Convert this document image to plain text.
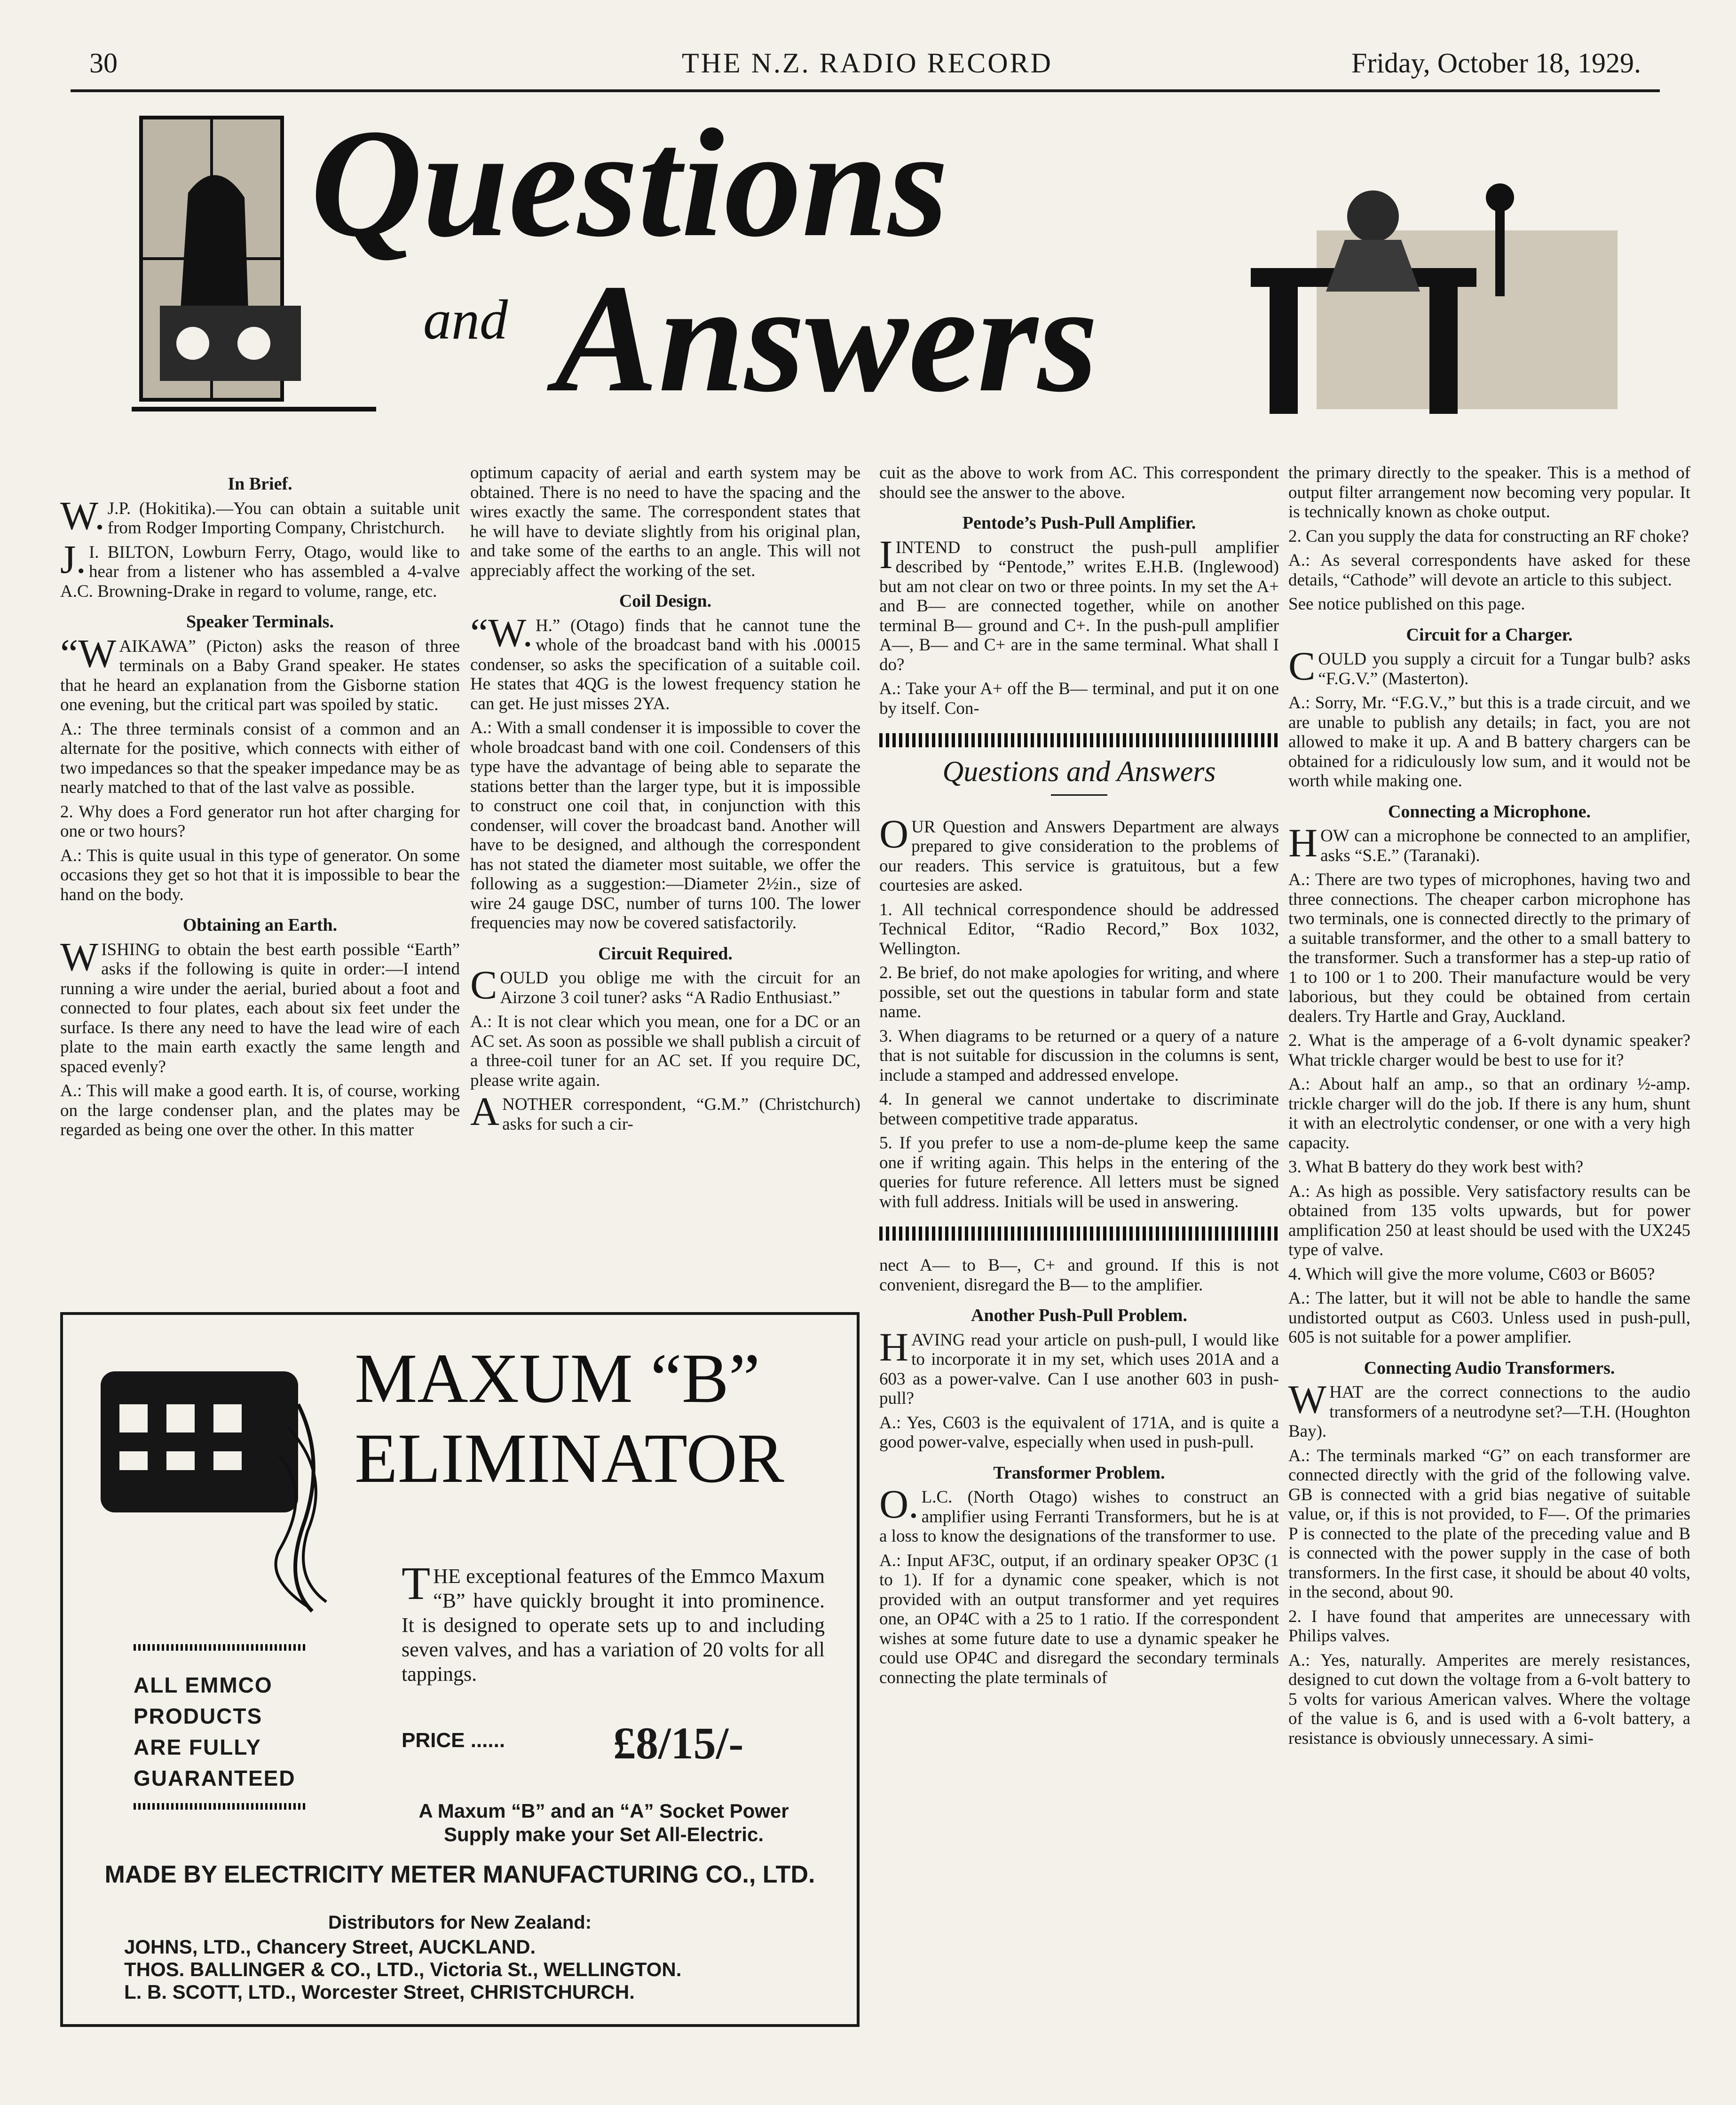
30	THE N.Z. RADIO RECORD	Friday, October 18, 1929.
Questions
and Answers
In Brief.

W.J.P. (Hokitika).—You can obtain a suitable unit from Rodger Importing Company, Christchurch.

J.I. BILTON, Lowburn Ferry, Otago, would like to hear from a listener who has assembled a 4-valve A.C. Browning-Drake in regard to volume, range, etc.

Speaker Terminals.

“WAIKAWA” (Picton) asks the reason of three terminals on a Baby Grand speaker. He states that he heard an explanation from the Gisborne station one evening, but the critical part was spoiled by static.

A.: The three terminals consist of a common and an alternate for the positive, which connects with either of two impedances so that the speaker impedance may be as nearly matched to that of the last valve as possible.

2. Why does a Ford generator run hot after charging for one or two hours?

A.: This is quite usual in this type of generator. On some occasions they get so hot that it is impossible to bear the hand on the body.

Obtaining an Earth.

WISHING to obtain the best earth possible “Earth” asks if the following is quite in order:—I intend running a wire under the aerial, buried about a foot and connected to four plates, each about six feet under the surface. Is there any need to have the lead wire of each plate to the main earth exactly the same length and spaced evenly?

A.: This will make a good earth. It is, of course, working on the large condenser plan, and the plates may be regarded as being one over the other. In this matter

optimum capacity of aerial and earth system may be obtained. There is no need to have the spacing and the wires exactly the same. The correspondent states that he will have to deviate slightly from his original plan, and take some of the earths to an angle. This will not appreciably affect the working of the set.

Coil Design.

“W.H.” (Otago) finds that he cannot tune the whole of the broadcast band with his .00015 condenser, so asks the specification of a suitable coil. He states that 4QG is the lowest frequency station he can get. He just misses 2YA.

A.: With a small condenser it is impossible to cover the whole broadcast band with one coil. Condensers of this type have the advantage of being able to separate the stations better than the larger type, but it is impossible to construct one coil that, in conjunction with this condenser, will cover the broadcast band. Another will have to be designed, and although the correspondent has not stated the diameter most suitable, we offer the following as a suggestion:—Diameter 2½in., size of wire 24 gauge DSC, number of turns 100. The lower frequencies may now be covered satisfactorily.

Circuit Required.

COULD you oblige me with the circuit for an Airzone 3 coil tuner? asks “A Radio Enthusiast.”

A.: It is not clear which you mean, one for a DC or an AC set. As soon as possible we shall publish a circuit of a three-coil tuner for an AC set. If you require DC, please write again.

ANOTHER correspondent, “G.M.” (Christchurch) asks for such a cir-

cuit as the above to work from AC. This correspondent should see the answer to the above.

Pentode’s Push-Pull Amplifier.

IINTEND to construct the push-pull amplifier described by “Pentode,” writes E.H.B. (Inglewood) but am not clear on two or three points. In my set the A+ and B— are connected together, while on another terminal B— ground and C+. In the push-pull amplifier A—, B— and C+ are in the same terminal. What shall I do?

A.: Take your A+ off the B— terminal, and put it on one by itself. Con-

Questions and Answers

OUR Question and Answers Department are always prepared to give consideration to the problems of our readers. This service is gratuitous, but a few courtesies are asked.

1. All technical correspondence should be addressed Technical Editor, “Radio Record,” Box 1032, Wellington.

2. Be brief, do not make apologies for writing, and where possible, set out the questions in tabular form and state name.

3. When diagrams to be returned or a query of a nature that is not suitable for discussion in the columns is sent, include a stamped and addressed envelope.

4. In general we cannot undertake to discriminate between competitive trade apparatus.

5. If you prefer to use a nom-de-plume keep the same one if writing again. This helps in the entering of the queries for future reference. All letters must be signed with full address. Initials will be used in answering.

nect A— to B—, C+ and ground. If this is not convenient, disregard the B— to the amplifier.

Another Push-Pull Problem.

HAVING read your article on push-pull, I would like to incorporate it in my set, which uses 201A and a 603 as a power-valve. Can I use another 603 in push-pull?

A.: Yes, C603 is the equivalent of 171A, and is quite a good power-valve, especially when used in push-pull.

Transformer Problem.

O.L.C. (North Otago) wishes to construct an amplifier using Ferranti Transformers, but he is at a loss to know the designations of the transformer to use.

A.: Input AF3C, output, if an ordinary speaker OP3C (1 to 1). If for a dynamic cone speaker, which is not provided with an output transformer and yet requires one, an OP4C with a 25 to 1 ratio. If the correspondent wishes at some future date to use a dynamic speaker he could use OP4C and disregard the secondary terminals connecting the plate terminals of

the primary directly to the speaker. This is a method of output filter arrangement now becoming very popular. It is technically known as choke output.

2. Can you supply the data for constructing an RF choke?

A.: As several correspondents have asked for these details, “Cathode” will devote an article to this subject.

See notice published on this page.

Circuit for a Charger.

COULD you supply a circuit for a Tungar bulb? asks “F.G.V.” (Masterton).

A.: Sorry, Mr. “F.G.V.,” but this is a trade circuit, and we are unable to publish any details; in fact, you are not allowed to make it up. A and B battery chargers can be obtained for a ridiculously low sum, and it would not be worth while making one.

Connecting a Microphone.

HOW can a microphone be connected to an amplifier, asks “S.E.” (Taranaki).

A.: There are two types of microphones, having two and three connections. The cheaper carbon microphone has two terminals, one is connected directly to the primary of a suitable transformer, and the other to a small battery to the transformer. Such a transformer has a step-up ratio of 1 to 100 or 1 to 200. Their manufacture would be very laborious, but they could be obtained from certain dealers. Try Hartle and Gray, Auckland.

2. What is the amperage of a 6-volt dynamic speaker? What trickle charger would be best to use for it?

A.: About half an amp., so that an ordinary ½-amp. trickle charger will do the job. If there is any hum, shunt it with an electrolytic condenser, or one with a very high capacity.

3. What B battery do they work best with?

A.: As high as possible. Very satisfactory results can be obtained from 135 volts upwards, but for power amplification 250 at least should be used with the UX245 type of valve.

4. Which will give the more volume, C603 or B605?

A.: The latter, but it will not be able to handle the same undistorted output as C603. Unless used in push-pull, 605 is not suitable for a power amplifier.

Connecting Audio Transformers.

WHAT are the correct connections to the audio transformers of a neutrodyne set?—T.H. (Houghton Bay).

A.: The terminals marked “G” on each transformer are connected directly with the grid of the following valve. GB is connected with a grid bias negative of suitable value, or, if this is not provided, to F—. Of the primaries P is connected to the plate of the preceding value and B is connected with the power supply in the case of both transformers. In the first case, it should be about 40 volts, in the second, about 90.

2. I have found that amperites are unnecessary with Philips valves.

A.: Yes, naturally. Amperites are merely resistances, designed to cut down the voltage from a 6-volt battery to 5 volts for various American valves. Where the voltage of the value is 6, and is used with a 6-volt battery, a resistance is obviously unnecessary. A simi-

MAXUM “B”
ELIMINATOR
ALL EMMCO
PRODUCTS
ARE FULLY
GUARANTEED

THE exceptional features of the Emmco Maxum “B” have quickly brought it into prominence. It is designed to operate sets up to and including seven valves, and has a variation of 20 volts for all tappings.

PRICE ...... £8/15/-
A Maxum “B” and an “A” Socket Power Supply make your Set All-Electric.
MADE BY ELECTRICITY METER MANUFACTURING CO., LTD.
Distributors for New Zealand:
JOHNS, LTD., Chancery Street, AUCKLAND.
THOS. BALLINGER & CO., LTD., Victoria St., WELLINGTON.
L. B. SCOTT, LTD., Worcester Street, CHRISTCHURCH.
